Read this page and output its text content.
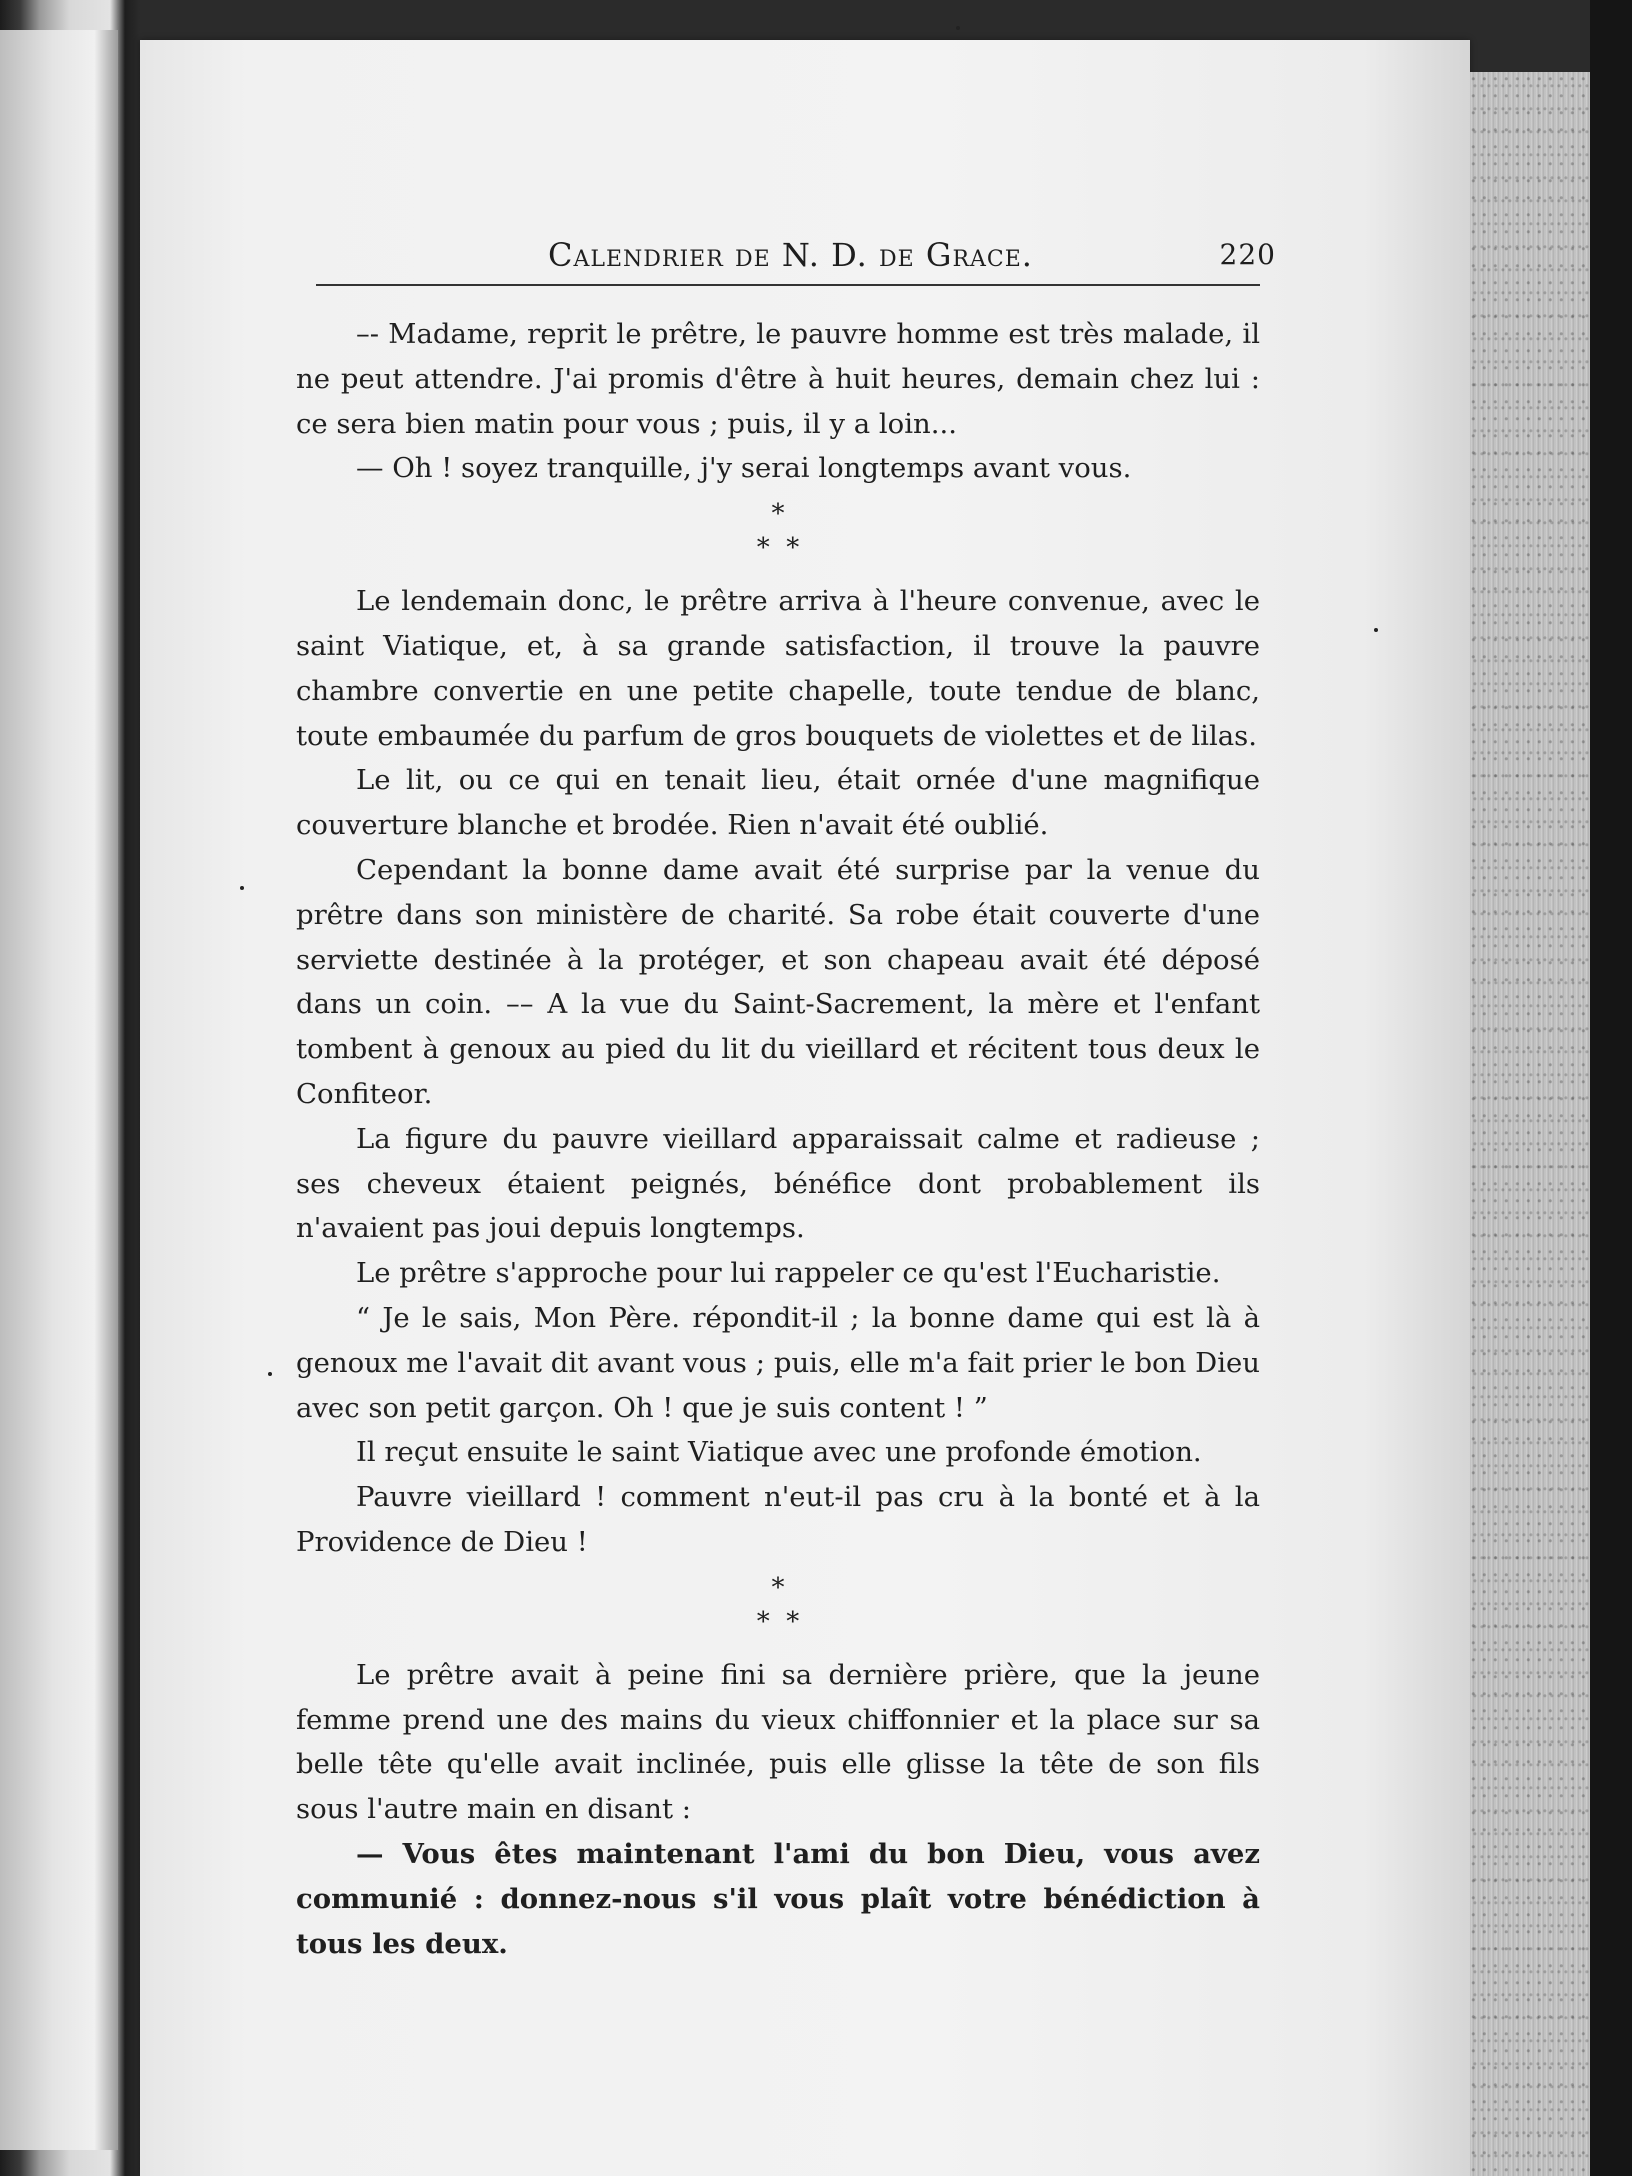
Calendrier de N. D. de Grace.	220

–- Madame, reprit le prêtre, le pauvre homme est très malade, il ne peut attendre. J'ai promis d'être à huit heures, demain chez lui : ce sera bien matin pour vous ; puis, il y a loin...

— Oh ! soyez tranquille, j'y serai longtemps avant vous.

*
*  *

Le lendemain donc, le prêtre arriva à l'heure convenue, avec le saint Viatique, et, à sa grande satisfaction, il trouve la pauvre chambre convertie en une petite chapelle, toute tendue de blanc, toute embaumée du parfum de gros bouquets de violettes et de lilas.

Le lit, ou ce qui en tenait lieu, était ornée d'une magnifique couverture blanche et brodée. Rien n'avait été oublié.

Cependant la bonne dame avait été surprise par la venue du prêtre dans son ministère de charité. Sa robe était couverte d'une serviette destinée à la protéger, et son chapeau avait été déposé dans un coin. –– A la vue du Saint-Sacrement, la mère et l'enfant tombent à genoux au pied du lit du vieillard et récitent tous deux le Confiteor.

La figure du pauvre vieillard apparaissait calme et radieuse ; ses cheveux étaient peignés, bénéfice dont probablement ils n'avaient pas joui depuis longtemps.

Le prêtre s'approche pour lui rappeler ce qu'est l'Eucharistie.

“ Je le sais, Mon Père. répondit-il ; la bonne dame qui est là à genoux me l'avait dit avant vous ; puis, elle m'a fait prier le bon Dieu avec son petit garçon. Oh ! que je suis content ! ”

Il reçut ensuite le saint Viatique avec une profonde émotion.

Pauvre vieillard ! comment n'eut-il pas cru à la bonté et à la Providence de Dieu !

*
*  *

Le prêtre avait à peine fini sa dernière prière, que la jeune femme prend une des mains du vieux chiffonnier et la place sur sa belle tête qu'elle avait inclinée, puis elle glisse la tête de son fils sous l'autre main en disant :

— Vous êtes maintenant l'ami du bon Dieu, vous avez communié : donnez-nous s'il vous plaît votre bénédiction à tous les deux.
